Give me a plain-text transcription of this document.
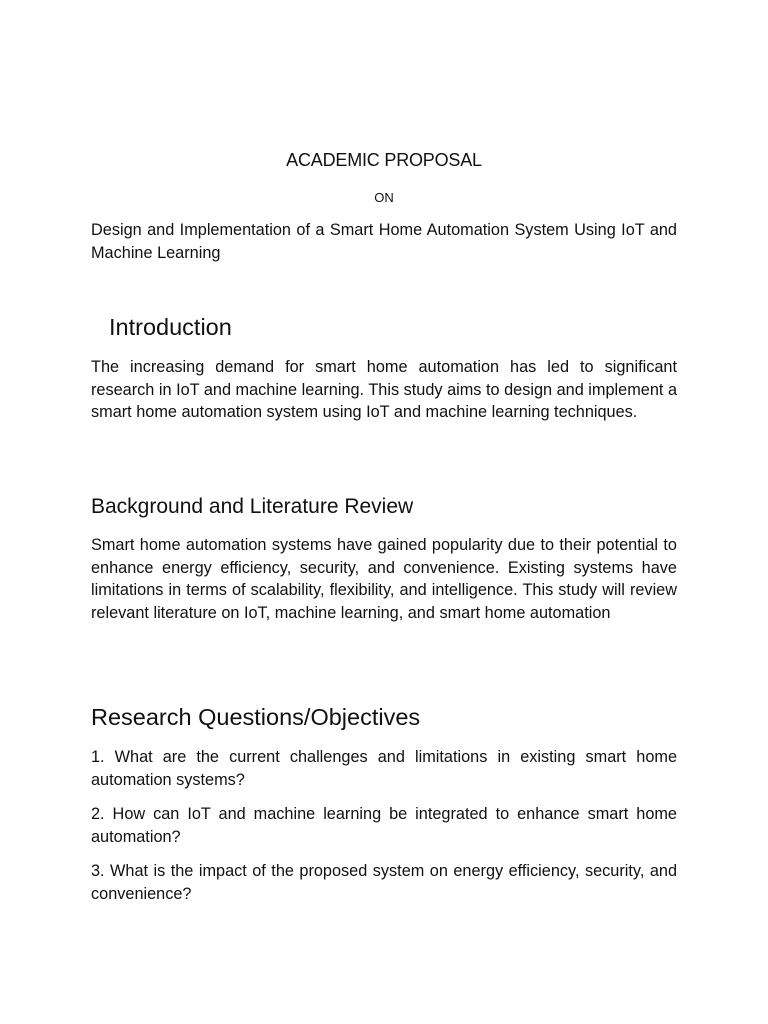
ACADEMIC PROPOSAL
ON

Design and Implementation of a Smart Home Automation System Using IoT and Machine Learning

Introduction

The increasing demand for smart home automation has led to significant research in IoT and machine learning. This study aims to design and implement a smart home automation system using IoT and machine learning techniques.

Background and Literature Review

Smart home automation systems have gained popularity due to their potential to enhance energy efficiency, security, and convenience. Existing systems have limitations in terms of scalability, flexibility, and intelligence. This study will review relevant literature on IoT, machine learning, and smart home automation

Research Questions/Objectives

1. What are the current challenges and limitations in existing smart home automation systems?

2. How can IoT and machine learning be integrated to enhance smart home automation?

3. What is the impact of the proposed system on energy efficiency, security, and convenience?
